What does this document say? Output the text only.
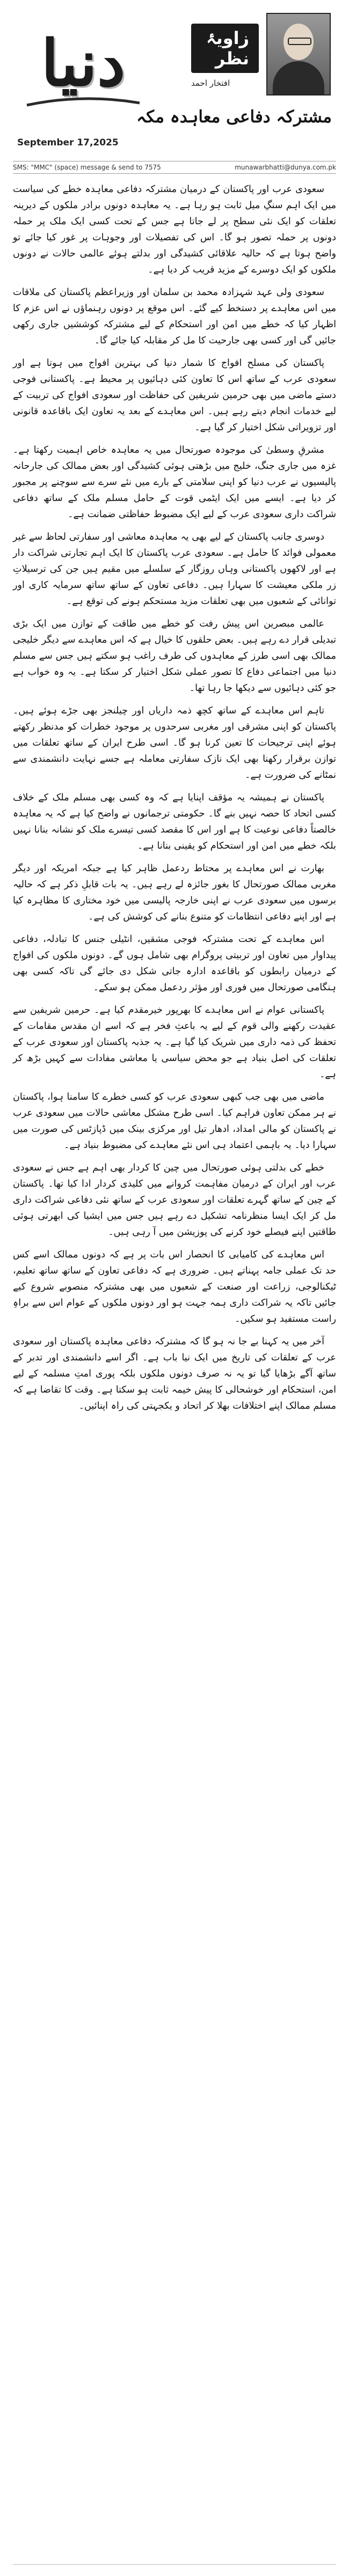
دنیا	زاویۂ نظر
افتخار احمد
مشترکہ دفاعی معاہدہ مکہ
September 17,2025
SMS: "MMC" (space) message & send to 7575	munawarbhatti@dunya.com.pk

سعودی عرب اور پاکستان کے درمیان مشترکہ دفاعی معاہدہ خطے کی سیاست میں ایک اہم سنگِ میل ثابت ہو رہا ہے۔ یہ معاہدہ دونوں برادر ملکوں کے دیرینہ تعلقات کو ایک نئی سطح پر لے جاتا ہے جس کے تحت کسی ایک ملک پر حملہ دونوں پر حملہ تصور ہو گا۔ اس کی تفصیلات اور وجوہات پر غور کیا جائے تو واضح ہوتا ہے کہ حالیہ علاقائی کشیدگی اور بدلتے ہوئے عالمی حالات نے دونوں ملکوں کو ایک دوسرے کے مزید قریب کر دیا ہے۔

سعودی ولی عہد شہزادہ محمد بن سلمان اور وزیراعظم پاکستان کی ملاقات میں اس معاہدے پر دستخط کیے گئے۔ اس موقع پر دونوں رہنماؤں نے اس عزم کا اظہار کیا کہ خطے میں امن اور استحکام کے لیے مشترکہ کوششیں جاری رکھی جائیں گی اور کسی بھی جارحیت کا مل کر مقابلہ کیا جائے گا۔

پاکستان کی مسلح افواج کا شمار دنیا کی بہترین افواج میں ہوتا ہے اور سعودی عرب کے ساتھ اس کا تعاون کئی دہائیوں پر محیط ہے۔ پاکستانی فوجی دستے ماضی میں بھی حرمین شریفین کی حفاظت اور سعودی افواج کی تربیت کے لیے خدمات انجام دیتے رہے ہیں۔ اس معاہدے کے بعد یہ تعاون ایک باقاعدہ قانونی اور تزویراتی شکل اختیار کر گیا ہے۔

مشرقِ وسطیٰ کی موجودہ صورتحال میں یہ معاہدہ خاص اہمیت رکھتا ہے۔ غزہ میں جاری جنگ، خلیج میں بڑھتی ہوئی کشیدگی اور بعض ممالک کی جارحانہ پالیسیوں نے عرب دنیا کو اپنی سلامتی کے بارے میں نئے سرے سے سوچنے پر مجبور کر دیا ہے۔ ایسے میں ایک ایٹمی قوت کے حامل مسلم ملک کے ساتھ دفاعی شراکت داری سعودی عرب کے لیے ایک مضبوط حفاظتی ضمانت ہے۔

دوسری جانب پاکستان کے لیے بھی یہ معاہدہ معاشی اور سفارتی لحاظ سے غیر معمولی فوائد کا حامل ہے۔ سعودی عرب پاکستان کا ایک اہم تجارتی شراکت دار ہے اور لاکھوں پاکستانی وہاں روزگار کے سلسلے میں مقیم ہیں جن کی ترسیلاتِ زر ملکی معیشت کا سہارا ہیں۔ دفاعی تعاون کے ساتھ ساتھ سرمایہ کاری اور توانائی کے شعبوں میں بھی تعلقات مزید مستحکم ہونے کی توقع ہے۔

عالمی مبصرین اس پیش رفت کو خطے میں طاقت کے توازن میں ایک بڑی تبدیلی قرار دے رہے ہیں۔ بعض حلقوں کا خیال ہے کہ اس معاہدے سے دیگر خلیجی ممالک بھی اسی طرز کے معاہدوں کی طرف راغب ہو سکتے ہیں جس سے مسلم دنیا میں اجتماعی دفاع کا تصور عملی شکل اختیار کر سکتا ہے۔ یہ وہ خواب ہے جو کئی دہائیوں سے دیکھا جا رہا تھا۔

تاہم اس معاہدے کے ساتھ کچھ ذمہ داریاں اور چیلنجز بھی جڑے ہوئے ہیں۔ پاکستان کو اپنی مشرقی اور مغربی سرحدوں پر موجود خطرات کو مدنظر رکھتے ہوئے اپنی ترجیحات کا تعین کرنا ہو گا۔ اسی طرح ایران کے ساتھ تعلقات میں توازن برقرار رکھنا بھی ایک نازک سفارتی معاملہ ہے جسے نہایت دانشمندی سے نمٹانے کی ضرورت ہے۔

پاکستان نے ہمیشہ یہ مؤقف اپنایا ہے کہ وہ کسی بھی مسلم ملک کے خلاف کسی اتحاد کا حصہ نہیں بنے گا۔ حکومتی ترجمانوں نے واضح کیا ہے کہ یہ معاہدہ خالصتاً دفاعی نوعیت کا ہے اور اس کا مقصد کسی تیسرے ملک کو نشانہ بنانا نہیں بلکہ خطے میں امن اور استحکام کو یقینی بنانا ہے۔

بھارت نے اس معاہدے پر محتاط ردعمل ظاہر کیا ہے جبکہ امریکہ اور دیگر مغربی ممالک صورتحال کا بغور جائزہ لے رہے ہیں۔ یہ بات قابلِ ذکر ہے کہ حالیہ برسوں میں سعودی عرب نے اپنی خارجہ پالیسی میں خود مختاری کا مظاہرہ کیا ہے اور اپنے دفاعی انتظامات کو متنوع بنانے کی کوشش کی ہے۔

اس معاہدے کے تحت مشترکہ فوجی مشقیں، انٹیلی جنس کا تبادلہ، دفاعی پیداوار میں تعاون اور تربیتی پروگرام بھی شامل ہوں گے۔ دونوں ملکوں کی افواج کے درمیان رابطوں کو باقاعدہ ادارہ جاتی شکل دی جائے گی تاکہ کسی بھی ہنگامی صورتحال میں فوری اور مؤثر ردعمل ممکن ہو سکے۔

پاکستانی عوام نے اس معاہدے کا بھرپور خیرمقدم کیا ہے۔ حرمین شریفین سے عقیدت رکھنے والی قوم کے لیے یہ باعثِ فخر ہے کہ اسے ان مقدس مقامات کے تحفظ کی ذمہ داری میں شریک کیا گیا ہے۔ یہ جذبہ پاکستان اور سعودی عرب کے تعلقات کی اصل بنیاد ہے جو محض سیاسی یا معاشی مفادات سے کہیں بڑھ کر ہے۔

ماضی میں بھی جب کبھی سعودی عرب کو کسی خطرے کا سامنا ہوا، پاکستان نے ہر ممکن تعاون فراہم کیا۔ اسی طرح مشکل معاشی حالات میں سعودی عرب نے پاکستان کو مالی امداد، ادھار تیل اور مرکزی بینک میں ڈپازٹس کی صورت میں سہارا دیا۔ یہ باہمی اعتماد ہی اس نئے معاہدے کی مضبوط بنیاد ہے۔

خطے کی بدلتی ہوئی صورتحال میں چین کا کردار بھی اہم ہے جس نے سعودی عرب اور ایران کے درمیان مفاہمت کروانے میں کلیدی کردار ادا کیا تھا۔ پاکستان کے چین کے ساتھ گہرے تعلقات اور سعودی عرب کے ساتھ نئی دفاعی شراکت داری مل کر ایک ایسا منظرنامہ تشکیل دے رہے ہیں جس میں ایشیا کی ابھرتی ہوئی طاقتیں اپنے فیصلے خود کرنے کی پوزیشن میں آ رہی ہیں۔

اس معاہدے کی کامیابی کا انحصار اس بات پر ہے کہ دونوں ممالک اسے کس حد تک عملی جامہ پہناتے ہیں۔ ضروری ہے کہ دفاعی تعاون کے ساتھ ساتھ تعلیم، ٹیکنالوجی، زراعت اور صنعت کے شعبوں میں بھی مشترکہ منصوبے شروع کیے جائیں تاکہ یہ شراکت داری ہمہ جہت ہو اور دونوں ملکوں کے عوام اس سے براہِ راست مستفید ہو سکیں۔

آخر میں یہ کہنا بے جا نہ ہو گا کہ مشترکہ دفاعی معاہدہ پاکستان اور سعودی عرب کے تعلقات کی تاریخ میں ایک نیا باب ہے۔ اگر اسے دانشمندی اور تدبر کے ساتھ آگے بڑھایا گیا تو یہ نہ صرف دونوں ملکوں بلکہ پوری امتِ مسلمہ کے لیے امن، استحکام اور خوشحالی کا پیش خیمہ ثابت ہو سکتا ہے۔ وقت کا تقاضا ہے کہ مسلم ممالک اپنے اختلافات بھلا کر اتحاد و یکجہتی کی راہ اپنائیں۔
